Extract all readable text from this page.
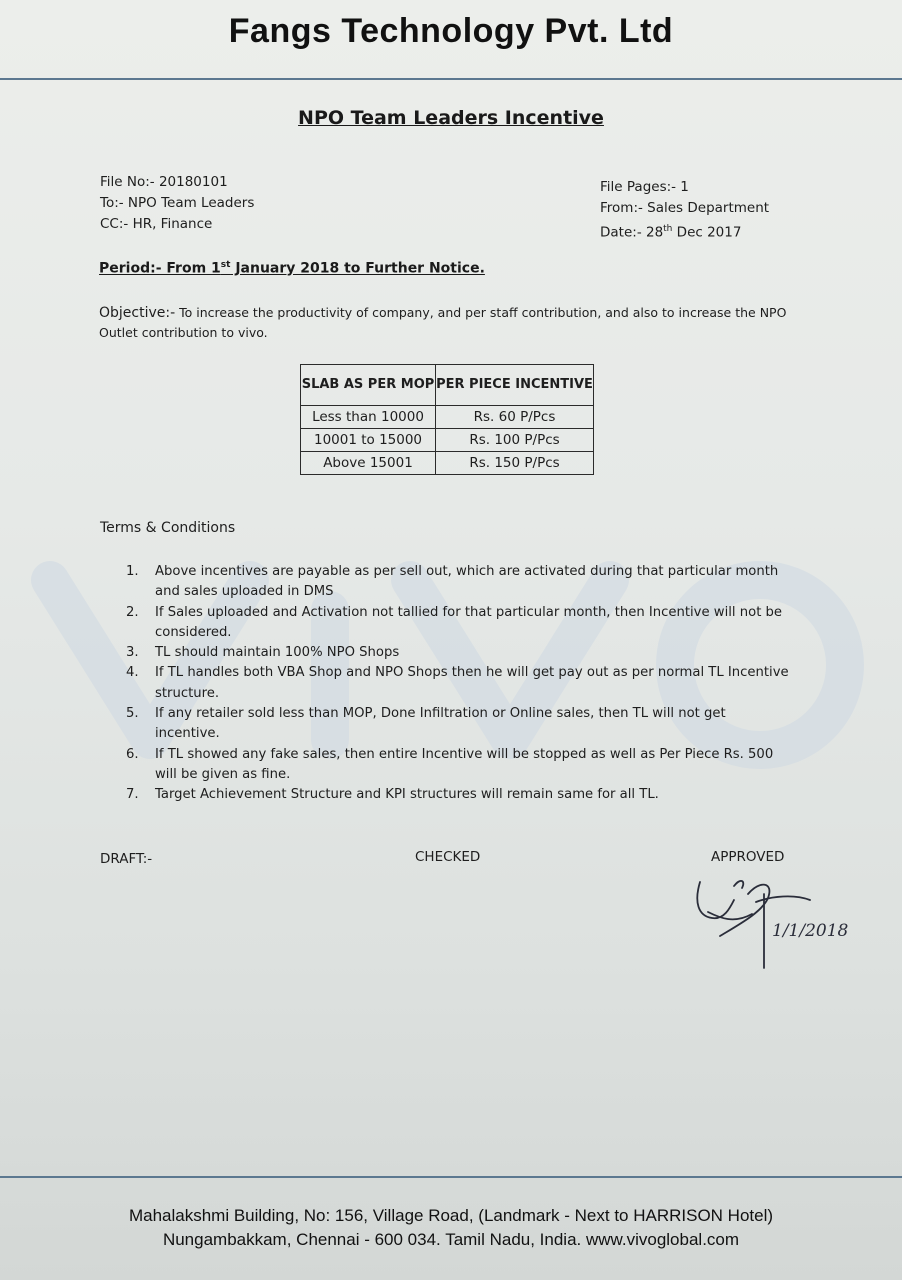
Fangs Technology Pvt. Ltd
NPO Team Leaders Incentive
File No:- 20180101
To:- NPO Team Leaders
CC:- HR, Finance
File Pages:- 1
From:- Sales Department
Date:- 28th Dec 2017
Period:- From 1st January 2018 to Further Notice.
Objective:- To increase the productivity of company, and per staff contribution, and also to increase the NPO Outlet contribution to vivo.
SLAB AS PER MOP	PER PIECE INCENTIVE
Less than 10000	Rs. 60 P/Pcs
10001 to 15000	Rs. 100 P/Pcs
Above 15001	Rs. 150 P/Pcs
Terms & Conditions
1. Above incentives are payable as per sell out, which are activated during that particular month and sales uploaded in DMS
2. If Sales uploaded and Activation not tallied for that particular month, then Incentive will not be considered.
3. TL should maintain 100% NPO Shops
4. If TL handles both VBA Shop and NPO Shops then he will get pay out as per normal TL Incentive structure.
5. If any retailer sold less than MOP, Done Infiltration or Online sales, then TL will not get incentive.
6. If TL showed any fake sales, then entire Incentive will be stopped as well as Per Piece Rs. 500 will be given as fine.
7. Target Achievement Structure and KPI structures will remain same for all TL.
DRAFT:-	CHECKED	APPROVED
1/1/2018
Mahalakshmi Building, No: 156, Village Road, (Landmark - Next to HARRISON Hotel)
Nungambakkam, Chennai - 600 034. Tamil Nadu, India. www.vivoglobal.com
